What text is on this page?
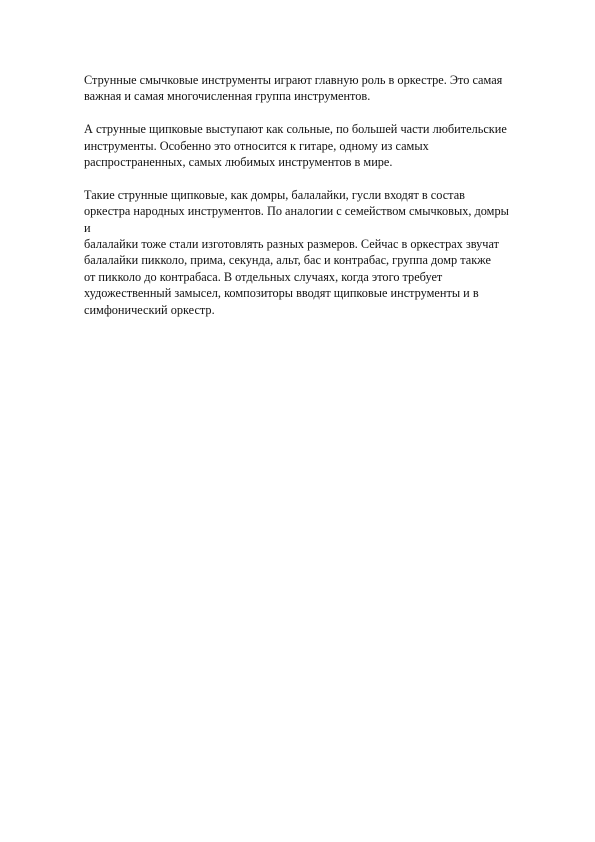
Струнные смычковые инструменты играют главную роль в оркестре. Это самая
важная и самая многочисленная группа инструментов.

А струнные щипковые выступают как сольные, по большей части любительские
инструменты. Особенно это относится к гитаре, одному из самых
распространенных, самых любимых инструментов в мире.

Такие струнные щипковые, как домры, балалайки, гусли входят в состав
оркестра народных инструментов. По аналогии с семейством смычковых, домры
и
балалайки тоже стали изготовлять разных размеров. Сейчас в оркестрах звучат
балалайки пикколо, прима, секунда, альт, бас и контрабас, группа домр также
от пикколо до контрабаса. В отдельных случаях, когда этого требует
художественный замысел, композиторы вводят щипковые инструменты и в
симфонический оркестр.
